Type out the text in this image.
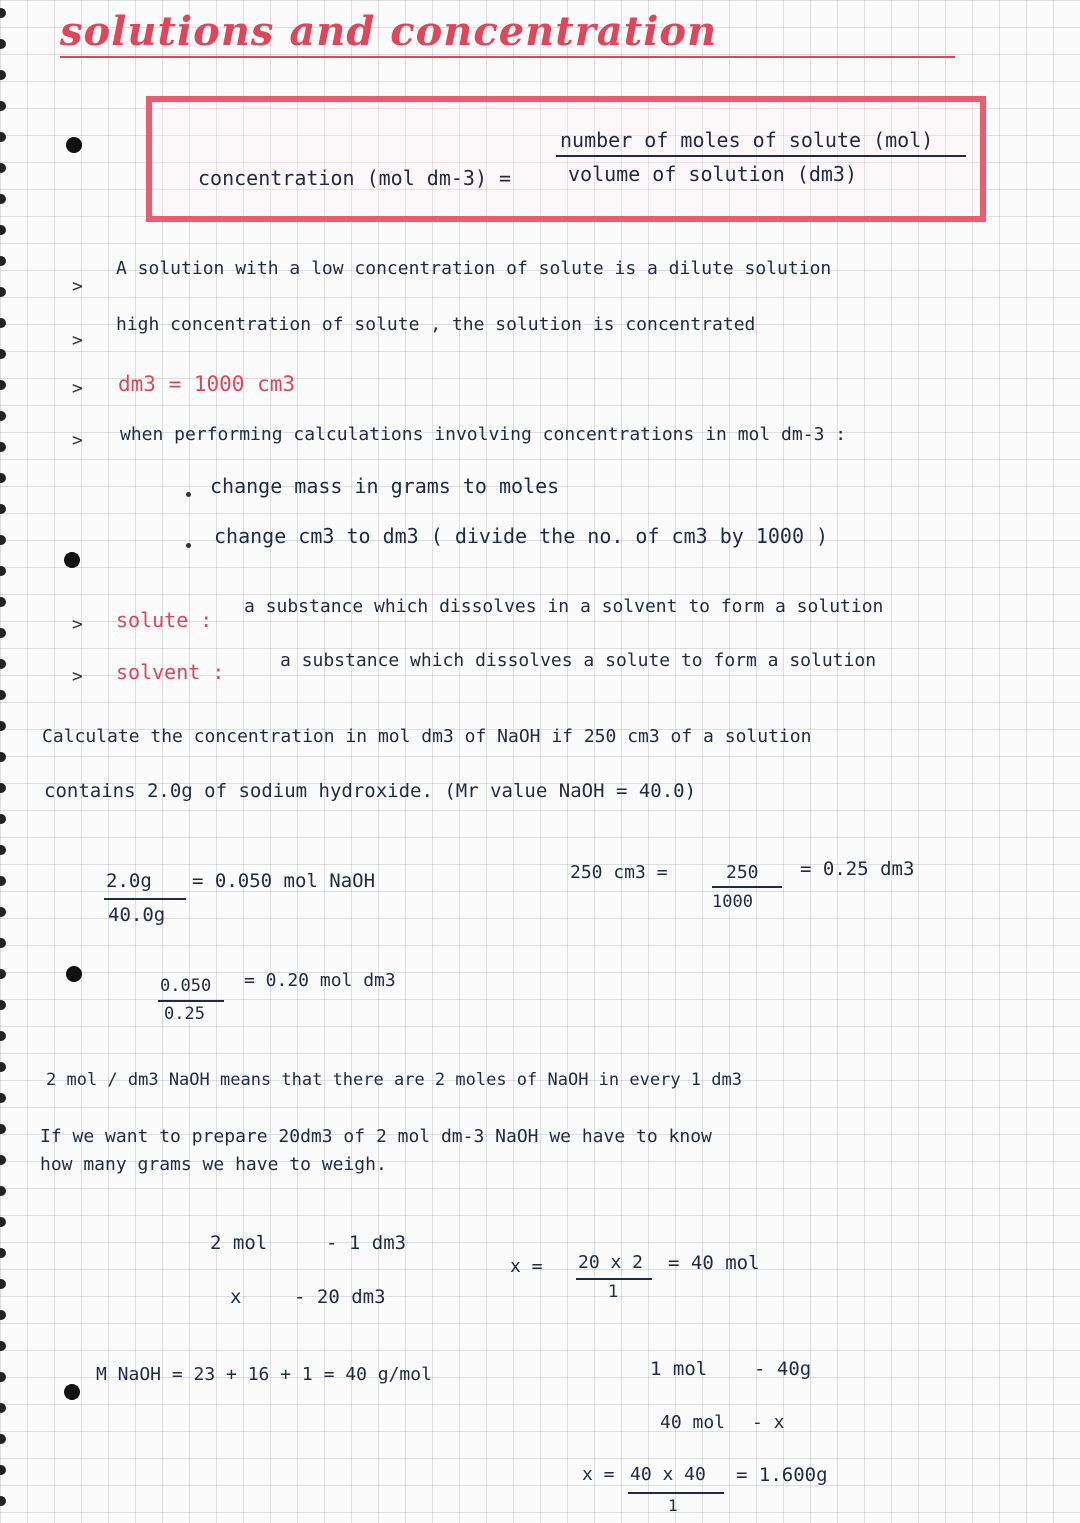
solutions and concentration
concentration (mol dm-3) =
number of moles of solute (mol)
volume of solution (dm3)
>
A solution with a low concentration of solute is a dilute solution
>
high concentration of solute , the solution is concentrated
> dm3 = 1000 cm3
> when performing calculations involving concentrations in mol dm-3 :
change mass in grams to moles
change cm3 to dm3 ( divide the no. of cm3 by 1000 )
> solute :
a substance which dissolves in a solvent to form a solution
> solvent :	a substance which dissolves a solute to form a solution
Calculate the concentration in mol dm3 of NaOH if 250 cm3 of a solution
contains 2.0g of sodium hydroxide. (Mr value NaOH = 40.0)
2.0g
40.0g
= 0.050 mol NaOH	250 cm3 =	250
1000
= 0.25 dm3
0.050
0.25
= 0.20 mol dm3
2 mol / dm3 NaOH means that there are 2 moles of NaOH in every 1 dm3
If we want to prepare 20dm3 of 2 mol dm-3 NaOH we have to know
how many grams we have to weigh.
2 mol	- 1 dm3
x	- 20 dm3
x = 20 x 2
1
= 40 mol
M NaOH = 23 + 16 + 1 = 40 g/mol	1 mol - 40g
40 mol - x
x = 40 x 40
1
= 1.600g
